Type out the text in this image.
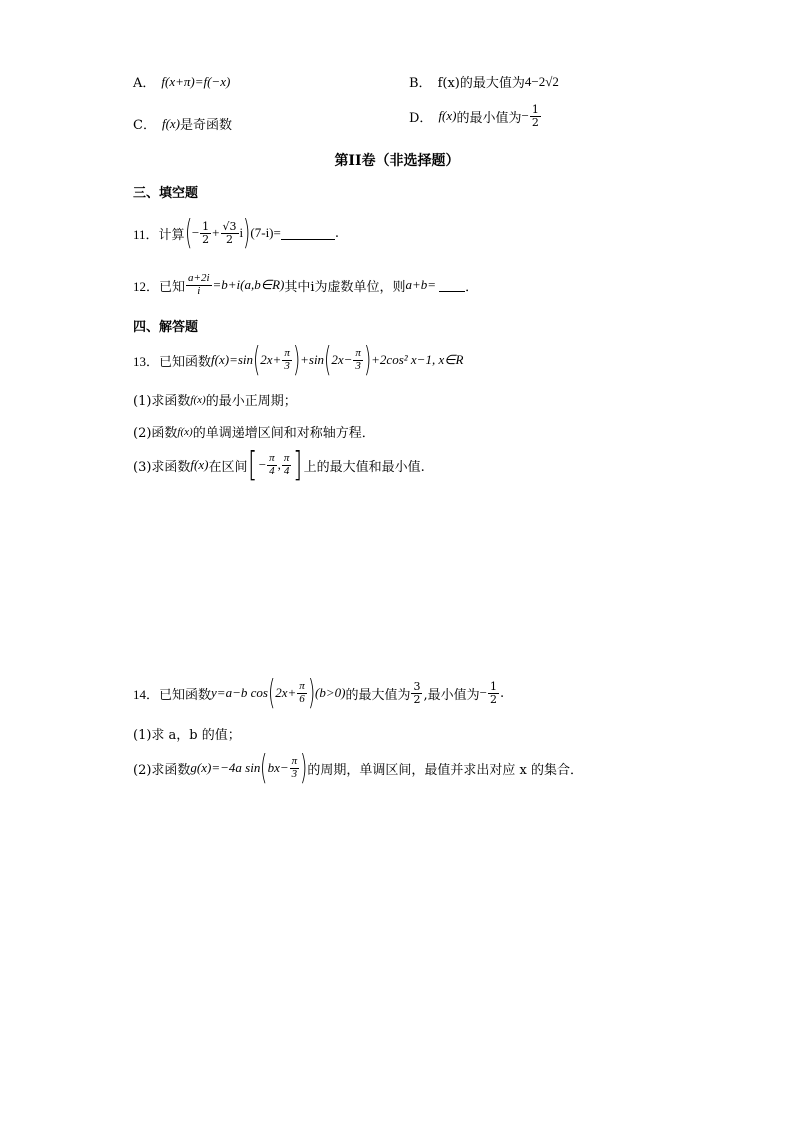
A． f(x+π)=f(−x)	B． f(x)的最大值为 4−2√2
C． f(x) 是奇函数	D． f(x) 的最小值为 − $\frac{1}{2}$
第II卷（非选择题）
三、填空题
11． 计算 ( − $\frac{1}{2} + \frac{√3}{2}$ i ) (7-i)=	.
12． 已知 $\frac{a+2i}{i}$ =b+i(a,b∈R) 其中i为虚数单位，则 a+b= ．
四、解答题
13． 已知函数 f(x)=sin ( $2x+ \frac{\pi}{3}$ ) +sin ( $2x- \frac{\pi}{3}$ ) +2cos² x−1, x∈R
(1)求函数 f(x) 的最小正周期；
(2)函数 f(x) 的单调递增区间和对称轴方程．
(3)求函数 f(x) 在区间 [ − $\frac{\pi}{4}$ , $\frac{\pi}{4}$ ] 上的最大值和最小值.
14． 已知函数 y=a−b cos ( $2x+ \frac{\pi}{6}$ ) (b>0) 的最大值为 $\frac{3}{2}$ ,最小值为 − $\frac{1}{2}$ .
(1)求 a，b 的值；
(2)求函数 g(x)=−4a sin ( $bx- \frac{\pi}{3}$ ) 的周期，单调区间，最值并求出对应 x 的集合．
